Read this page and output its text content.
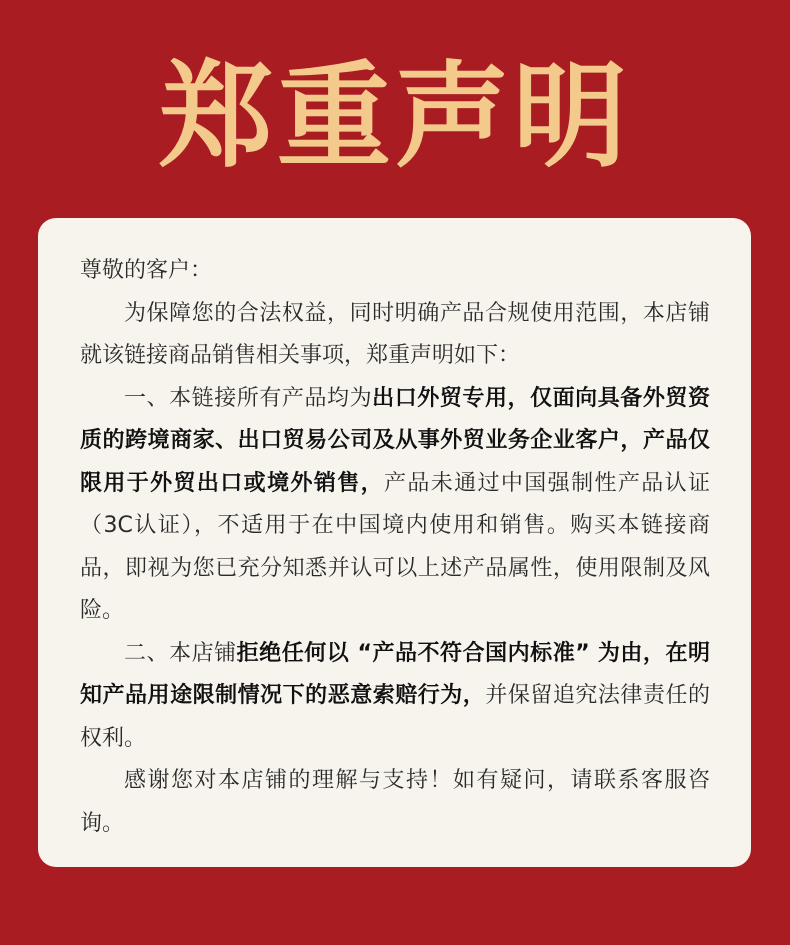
郑重声明

尊敬的客户：

为保障您的合法权益，同时明确产品合规使用范围，本店铺就该链接商品销售相关事项，郑重声明如下：

一、本链接所有产品均为出口外贸专用，仅面向具备外贸资质的跨境商家、出口贸易公司及从事外贸业务企业客户，产品仅限用于外贸出口或境外销售，产品未通过中国强制性产品认证（3C认证），不适用于在中国境内使用和销售。购买本链接商品，即视为您已充分知悉并认可以上述产品属性，使用限制及风险。

二、本店铺拒绝任何以 “产品不符合国内标准” 为由，在明知产品用途限制情况下的恶意索赔行为，并保留追究法律责任的权利。

感谢您对本店铺的理解与支持！如有疑问，请联系客服咨询。
